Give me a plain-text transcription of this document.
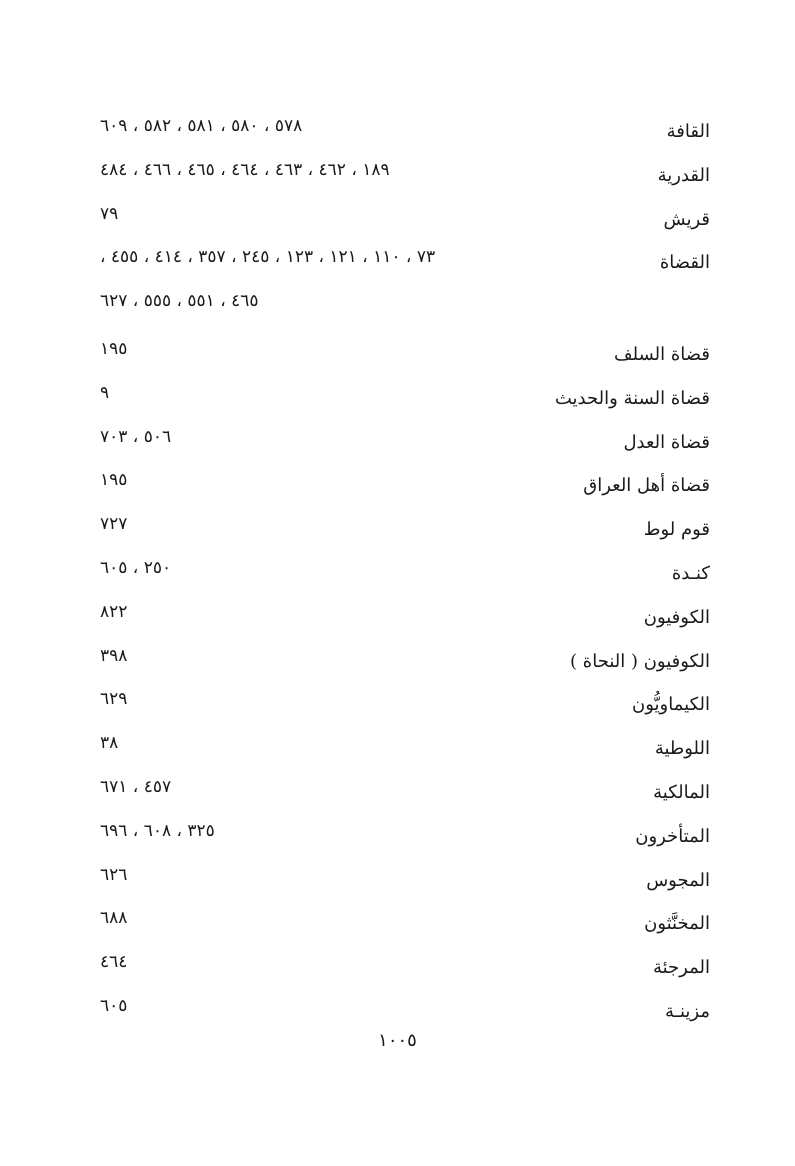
القافة
٥٧٨ ، ٥٨٠ ، ٥٨١ ، ٥٨٢ ، ٦٠٩
القدرية
١٨٩ ، ٤٦٢ ، ٤٦٣ ، ٤٦٤ ، ٤٦٥ ، ٤٦٦ ، ٤٨٤
قريش
٧٩
القضاة
٧٣ ، ١١٠ ، ١٢١ ، ١٢٣ ، ٢٤٥ ، ٣٥٧ ، ٤١٤ ، ٤٥٥ ،
٤٦٥ ، ٥٥١ ، ٥٥٥ ، ٦٢٧
قضاة السلف
١٩٥
قضاة السنة والحديث
٩
قضاة العدل
٥٠٦ ، ٧٠٣
قضاة أهل العراق
١٩٥
قوم لوط
٧٢٧
كنـدة
٢٥٠ ، ٦٠٥
الكوفيون
٨٢٢
الكوفيون ( النحاة )
٣٩٨
الكيماويُّون
٦٢٩
اللوطية
٣٨
المالكية
٤٥٧ ، ٦٧١
المتأخرون
٣٢٥ ، ٦٠٨ ، ٦٩٦
المجوس
٦٢٦
المخنَّثون
٦٨٨
المرجئة
٤٦٤
مزينـة
٦٠٥
١٠٠٥
